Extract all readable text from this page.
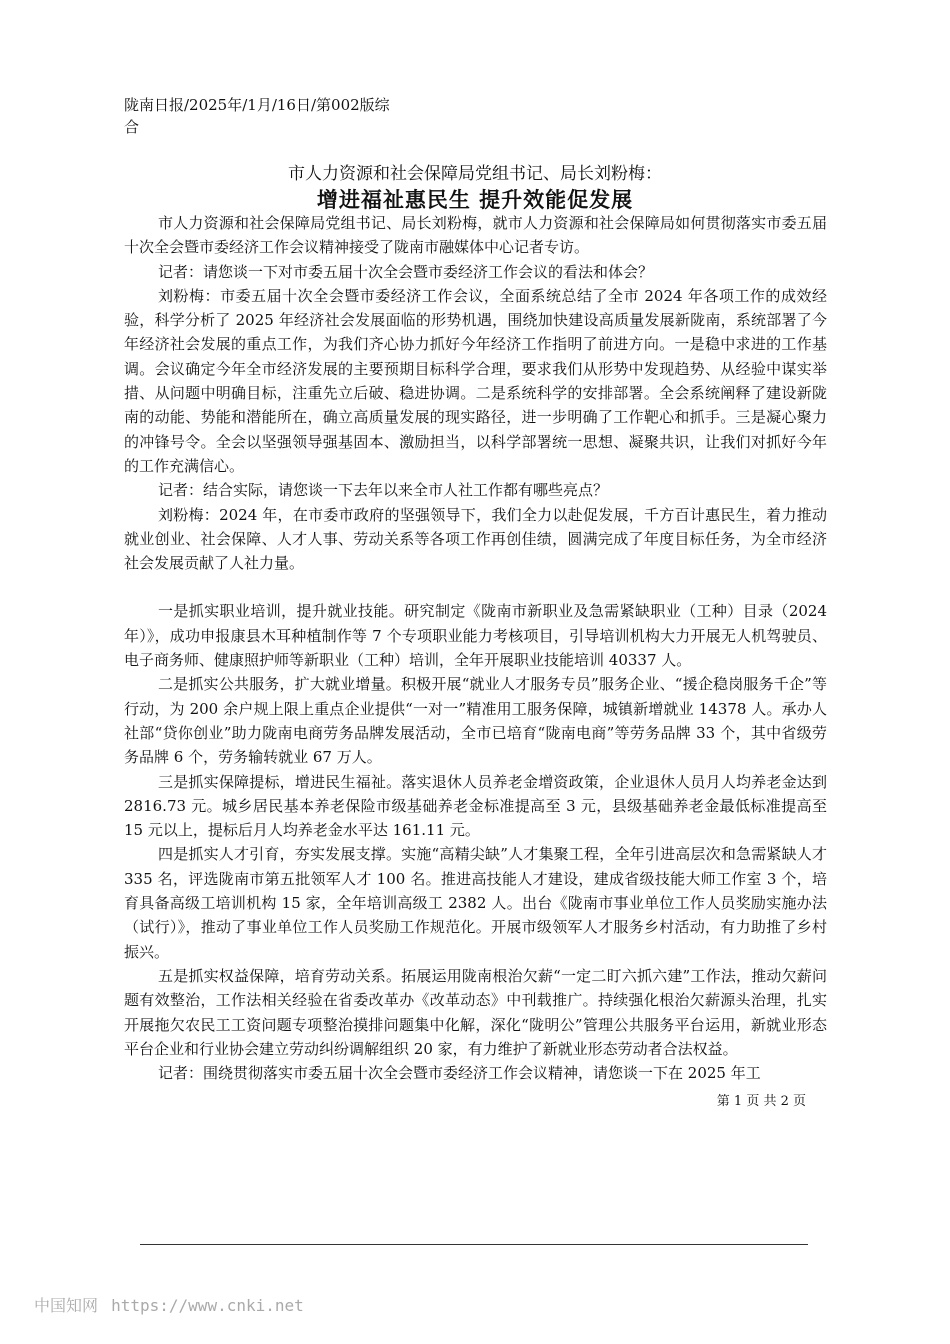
陇南日报/2025年/1月/16日/第002版综合
市人力资源和社会保障局党组书记、局长刘粉梅：
增进福祉惠民生 提升效能促发展

市人力资源和社会保障局党组书记、局长刘粉梅，就市人力资源和社会保障局如何贯彻落实市委五届十次全会暨市委经济工作会议精神接受了陇南市融媒体中心记者专访。

记者：请您谈一下对市委五届十次全会暨市委经济工作会议的看法和体会？

刘粉梅：市委五届十次全会暨市委经济工作会议，全面系统总结了全市 2024 年各项工作的成效经验，科学分析了 2025 年经济社会发展面临的形势机遇，围绕加快建设高质量发展新陇南，系统部署了今年经济社会发展的重点工作，为我们齐心协力抓好今年经济工作指明了前进方向。一是稳中求进的工作基调。会议确定今年全市经济发展的主要预期目标科学合理，要求我们从形势中发现趋势、从经验中谋实举措、从问题中明确目标，注重先立后破、稳进协调。二是系统科学的安排部署。全会系统阐释了建设新陇南的动能、势能和潜能所在，确立高质量发展的现实路径，进一步明确了工作靶心和抓手。三是凝心聚力的冲锋号令。全会以坚强领导强基固本、激励担当，以科学部署统一思想、凝聚共识，让我们对抓好今年的工作充满信心。

记者：结合实际，请您谈一下去年以来全市人社工作都有哪些亮点？

刘粉梅：2024 年，在市委市政府的坚强领导下，我们全力以赴促发展，千方百计惠民生，着力推动就业创业、社会保障、人才人事、劳动关系等各项工作再创佳绩，圆满完成了年度目标任务，为全市经济社会发展贡献了人社力量。

一是抓实职业培训，提升就业技能。研究制定《陇南市新职业及急需紧缺职业（工种）目录（2024 年）》，成功申报康县木耳种植制作等 7 个专项职业能力考核项目，引导培训机构大力开展无人机驾驶员、电子商务师、健康照护师等新职业（工种）培训，全年开展职业技能培训 40337 人。

二是抓实公共服务，扩大就业增量。积极开展“就业人才服务专员”服务企业、“援企稳岗服务千企”等行动，为 200 余户规上限上重点企业提供“一对一”精准用工服务保障，城镇新增就业 14378 人。承办人社部“贷你创业”助力陇南电商劳务品牌发展活动，全市已培育“陇南电商”等劳务品牌 33 个，其中省级劳务品牌 6 个，劳务输转就业 67 万人。

三是抓实保障提标，增进民生福祉。落实退休人员养老金增资政策，企业退休人员月人均养老金达到 2816.73 元。城乡居民基本养老保险市级基础养老金标准提高至 3 元，县级基础养老金最低标准提高至 15 元以上，提标后月人均养老金水平达 161.11 元。

四是抓实人才引育，夯实发展支撑。实施“高精尖缺”人才集聚工程，全年引进高层次和急需紧缺人才 335 名，评选陇南市第五批领军人才 100 名。推进高技能人才建设，建成省级技能大师工作室 3 个，培育具备高级工培训机构 15 家，全年培训高级工 2382 人。出台《陇南市事业单位工作人员奖励实施办法（试行）》，推动了事业单位工作人员奖励工作规范化。开展市级领军人才服务乡村活动，有力助推了乡村振兴。

五是抓实权益保障，培育劳动关系。拓展运用陇南根治欠薪“一定二盯六抓六建”工作法，推动欠薪问题有效整治，工作法相关经验在省委改革办《改革动态》中刊载推广。持续强化根治欠薪源头治理，扎实开展拖欠农民工工资问题专项整治摸排问题集中化解，深化“陇明公”管理公共服务平台运用，新就业形态平台企业和行业协会建立劳动纠纷调解组织 20 家，有力维护了新就业形态劳动者合法权益。

记者：围绕贯彻落实市委五届十次全会暨市委经济工作会议精神，请您谈一下在 2025 年工

第 1 页 共 2 页
中国知网 https://www.cnki.net
